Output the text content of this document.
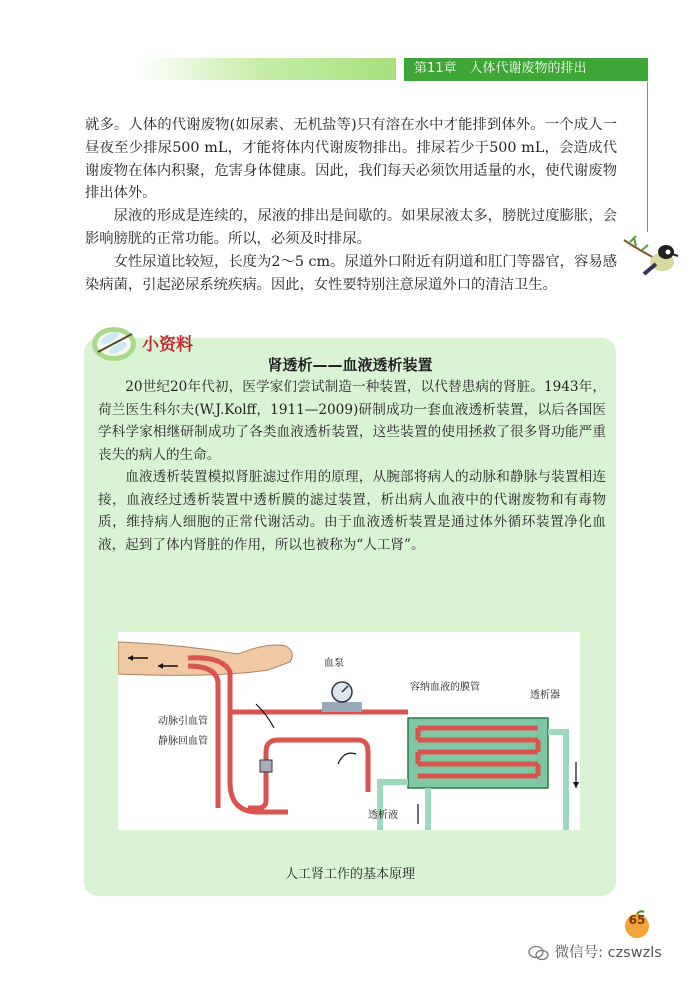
第11章　人体代谢废物的排出

就多。人体的代谢废物(如尿素、无机盐等)只有溶在水中才能排到体外。一个成人一昼夜至少排尿500 mL，才能将体内代谢废物排出。排尿若少于500 mL，会造成代谢废物在体内积聚，危害身体健康。因此，我们每天必须饮用适量的水，使代谢废物排出体外。

尿液的形成是连续的，尿液的排出是间歇的。如果尿液太多，膀胱过度膨胀，会影响膀胱的正常功能。所以，必须及时排尿。

女性尿道比较短，长度为2～5 cm。尿道外口附近有阴道和肛门等器官，容易感染病菌，引起泌尿系统疾病。因此，女性要特别注意尿道外口的清洁卫生。

小资料
肾透析——血液透析装置

20世纪20年代初，医学家们尝试制造一种装置，以代替患病的肾脏。1943年，荷兰医生科尔夫(W.J.Kolff，1911—2009)研制成功一套血液透析装置，以后各国医学科学家相继研制成功了各类血液透析装置，这些装置的使用拯救了很多肾功能严重丧失的病人的生命。

血液透析装置模拟肾脏滤过作用的原理，从腕部将病人的动脉和静脉与装置相连接，血液经过透析装置中透析膜的滤过装置，析出病人血液中的代谢废物和有毒物质，维持病人细胞的正常代谢活动。由于血液透析装置是通过体外循环装置净化血液，起到了体内肾脏的作用，所以也被称为“人工肾”。

血泵
容纳血液的膜管
透析器
动脉引血管
静脉回血管
透析液
人工肾工作的基本原理
65
微信号: czswzls
